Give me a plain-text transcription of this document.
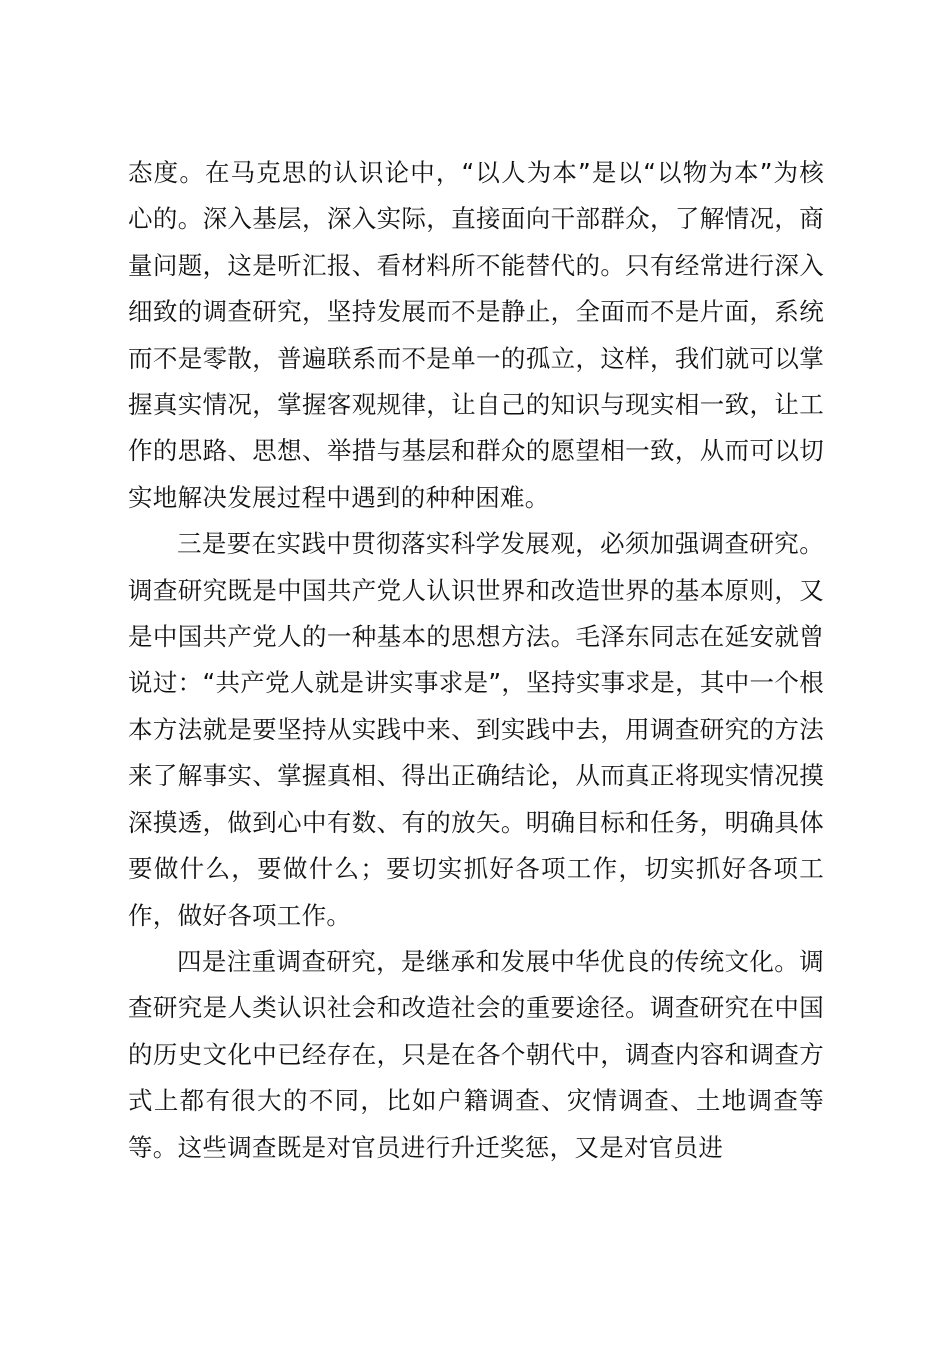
态度。在马克思的认识论中，“以人为本”是以“以物为本”为核心的。深入基层，深入实际，直接面向干部群众，了解情况，商量问题，这是听汇报、看材料所不能替代的。只有经常进行深入细致的调查研究，坚持发展而不是静止，全面而不是片面，系统而不是零散，普遍联系而不是单一的孤立，这样，我们就可以掌握真实情况，掌握客观规律，让自己的知识与现实相一致，让工作的思路、思想、举措与基层和群众的愿望相一致，从而可以切实地解决发展过程中遇到的种种困难。

三是要在实践中贯彻落实科学发展观，必须加强调查研究。调查研究既是中国共产党人认识世界和改造世界的基本原则，又是中国共产党人的一种基本的思想方法。毛泽东同志在延安就曾说过：“共产党人就是讲实事求是”，坚持实事求是，其中一个根本方法就是要坚持从实践中来、到实践中去，用调查研究的方法来了解事实、掌握真相、得出正确结论，从而真正将现实情况摸深摸透，做到心中有数、有的放矢。明确目标和任务，明确具体要做什么，要做什么；要切实抓好各项工作，切实抓好各项工作，做好各项工作。

四是注重调查研究，是继承和发展中华优良的传统文化。调查研究是人类认识社会和改造社会的重要途径。调查研究在中国的历史文化中已经存在，只是在各个朝代中，调查内容和调查方式上都有很大的不同，比如户籍调查、灾情调查、土地调查等等。这些调查既是对官员进行升迁奖惩，又是对官员进
